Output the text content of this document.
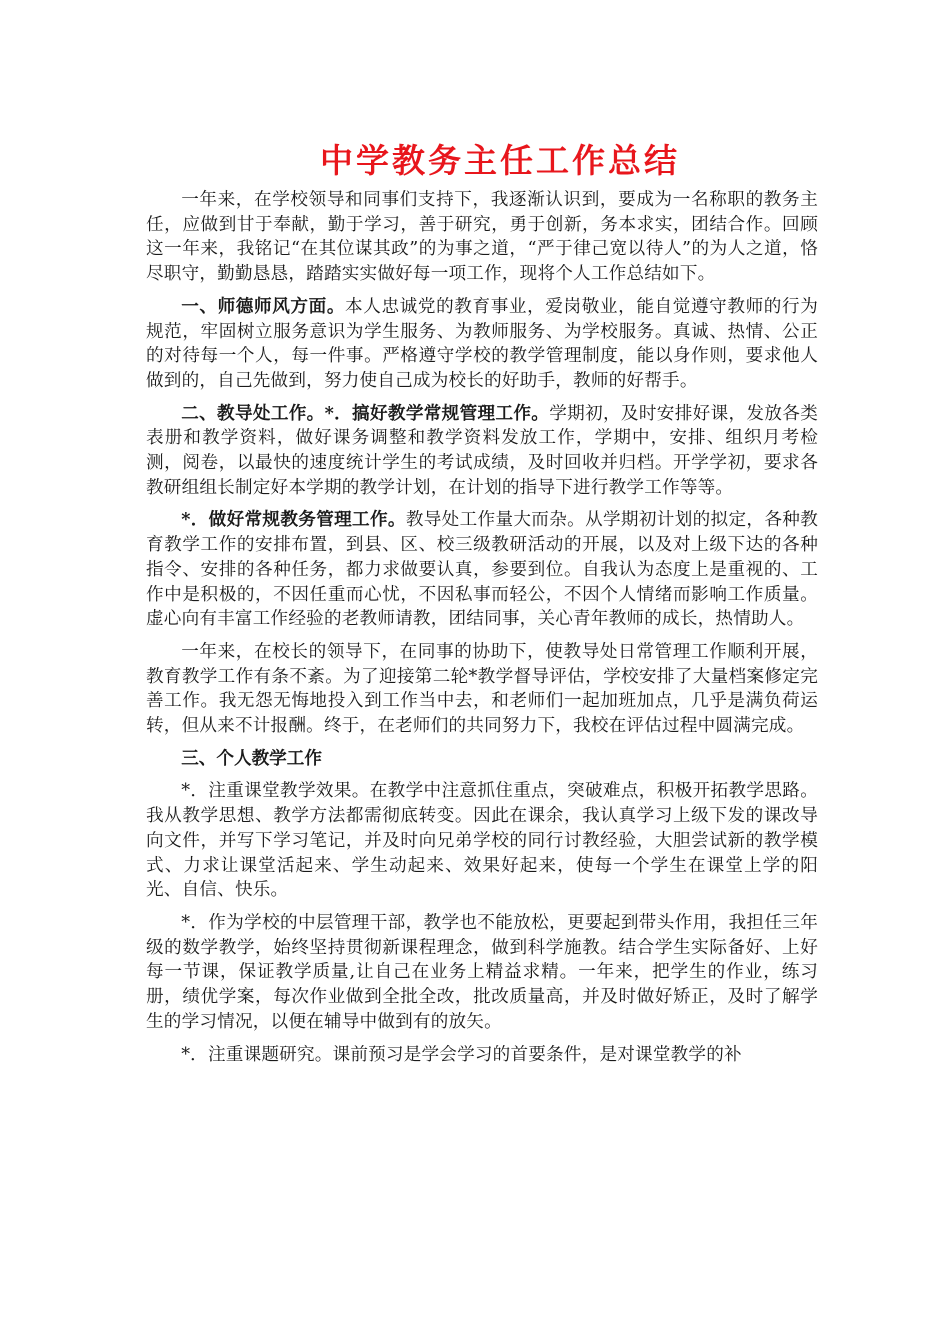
中学教务主任工作总结

一年来，在学校领导和同事们支持下，我逐渐认识到，要成为一名称职的教务主任，应做到甘于奉献，勤于学习，善于研究，勇于创新，务本求实，团结合作。回顾这一年来，我铭记“在其位谋其政”的为事之道，“严于律己宽以待人”的为人之道，恪尽职守，勤勤恳恳，踏踏实实做好每一项工作，现将个人工作总结如下。

一、师德师风方面。本人忠诚党的教育事业，爱岗敬业，能自觉遵守教师的行为规范，牢固树立服务意识为学生服务、为教师服务、为学校服务。真诚、热情、公正的对待每一个人，每一件事。严格遵守学校的教学管理制度，能以身作则，要求他人做到的，自己先做到，努力使自己成为校长的好助手，教师的好帮手。

二、教导处工作。*．搞好教学常规管理工作。学期初，及时安排好课，发放各类表册和教学资料，做好课务调整和教学资料发放工作，学期中，安排、组织月考检测，阅卷，以最快的速度统计学生的考试成绩，及时回收并归档。开学学初，要求各教研组组长制定好本学期的教学计划，在计划的指导下进行教学工作等等。

*．做好常规教务管理工作。教导处工作量大而杂。从学期初计划的拟定，各种教育教学工作的安排布置，到县、区、校三级教研活动的开展，以及对上级下达的各种指令、安排的各种任务，都力求做要认真，参要到位。自我认为态度上是重视的、工作中是积极的，不因任重而心忧，不因私事而轻公，不因个人情绪而影响工作质量。虚心向有丰富工作经验的老教师请教，团结同事，关心青年教师的成长，热情助人。

一年来，在校长的领导下，在同事的协助下，使教导处日常管理工作顺利开展，教育教学工作有条不紊。为了迎接第二轮*教学督导评估，学校安排了大量档案修定完善工作。我无怨无悔地投入到工作当中去，和老师们一起加班加点，几乎是满负荷运转，但从来不计报酬。终于，在老师们的共同努力下，我校在评估过程中圆满完成。

三、个人教学工作

*．注重课堂教学效果。在教学中注意抓住重点，突破难点，积极开拓教学思路。我从教学思想、教学方法都需彻底转变。因此在课余，我认真学习上级下发的课改导向文件，并写下学习笔记，并及时向兄弟学校的同行讨教经验，大胆尝试新的教学模式、力求让课堂活起来、学生动起来、效果好起来，使每一个学生在课堂上学的阳光、自信、快乐。

*．作为学校的中层管理干部，教学也不能放松，更要起到带头作用，我担任三年级的数学教学，始终坚持贯彻新课程理念，做到科学施教。结合学生实际备好、上好每一节课，保证教学质量,让自己在业务上精益求精。一年来，把学生的作业，练习册，绩优学案，每次作业做到全批全改，批改质量高，并及时做好矫正，及时了解学生的学习情况，以便在辅导中做到有的放矢。

*．注重课题研究。课前预习是学会学习的首要条件，是对课堂教学的补
